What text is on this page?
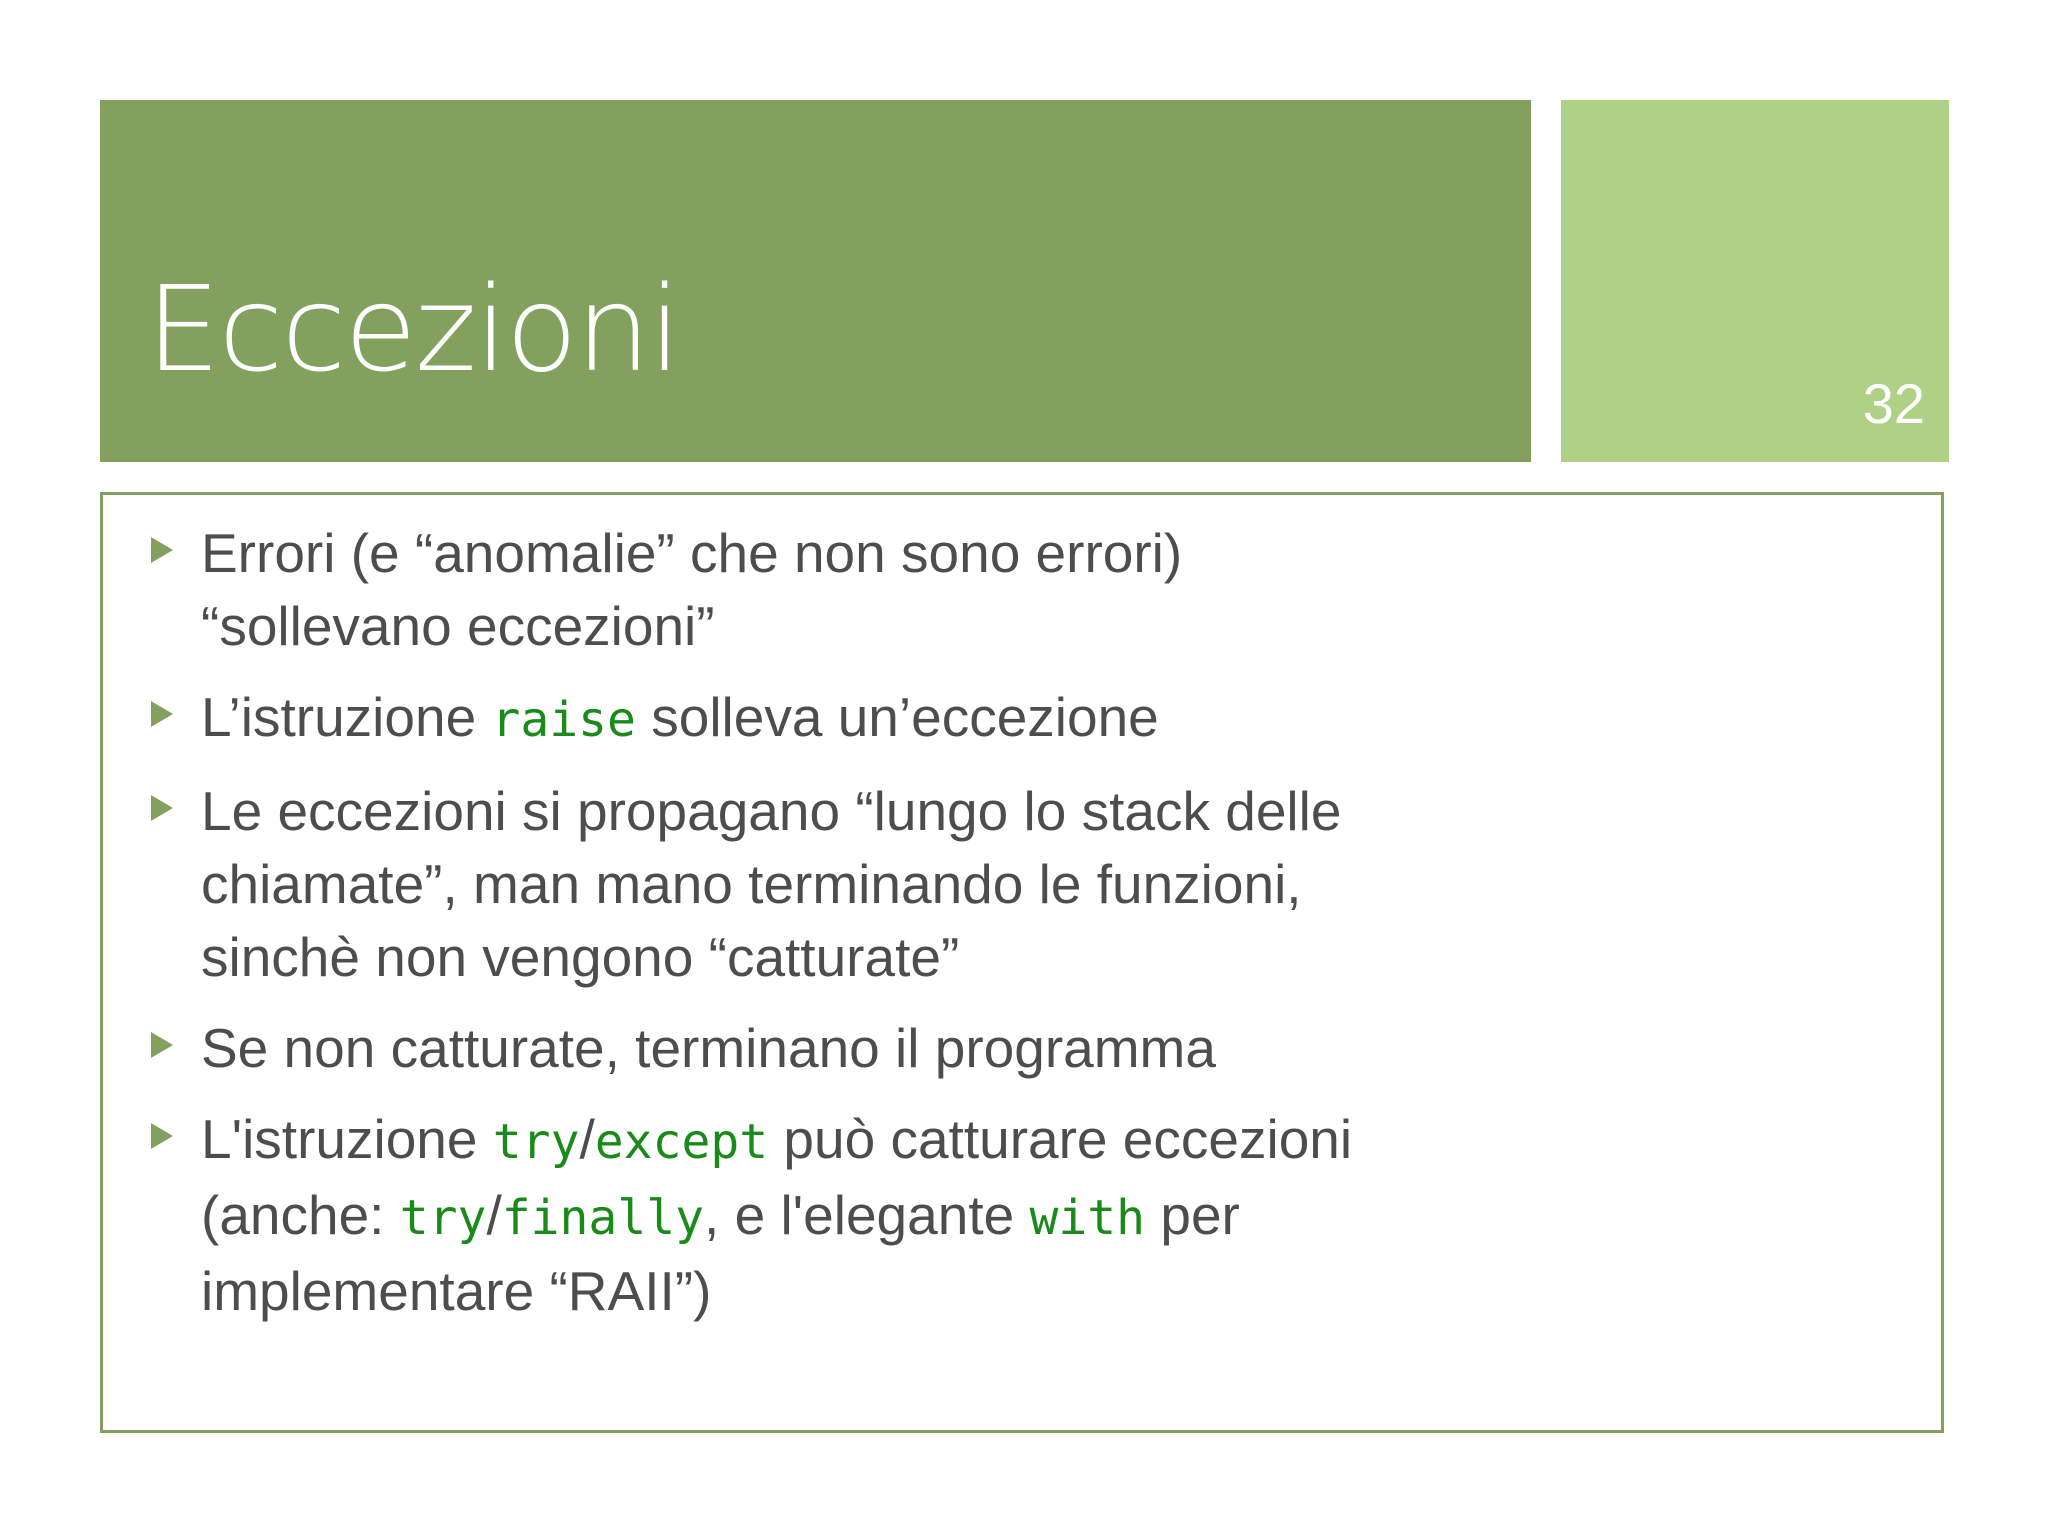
Eccezioni
32
Errori (e “anomalie” che non sono errori)
“sollevano eccezioni”
L’istruzione raise solleva un’eccezione
Le eccezioni si propagano “lungo lo stack delle
chiamate”, man mano terminando le funzioni,
sinchè non vengono “catturate”
Se non catturate, terminano il programma
L'istruzione try/except può catturare eccezioni
(anche: try/finally, e l'elegante with per
implementare “RAII”)
